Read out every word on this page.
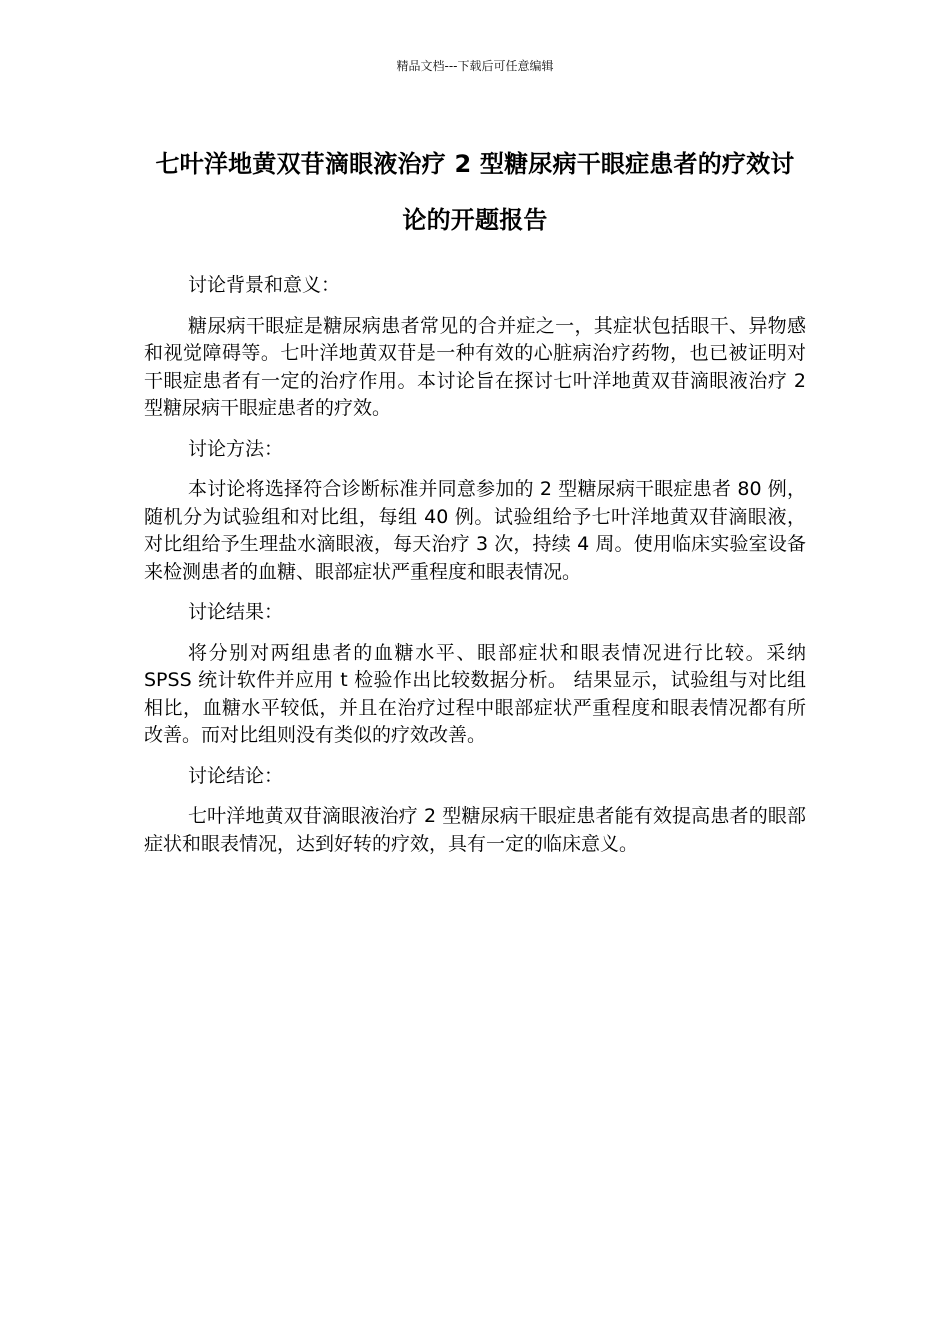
精品文档---下载后可任意编辑
七叶洋地黄双苷滴眼液治疗 2 型糖尿病干眼症患者的疗效讨论的开题报告

讨论背景和意义：

糖尿病干眼症是糖尿病患者常见的合并症之一，其症状包括眼干、异物感和视觉障碍等。七叶洋地黄双苷是一种有效的心脏病治疗药物，也已被证明对干眼症患者有一定的治疗作用。本讨论旨在探讨七叶洋地黄双苷滴眼液治疗 2 型糖尿病干眼症患者的疗效。

讨论方法：

本讨论将选择符合诊断标准并同意参加的 2 型糖尿病干眼症患者 80 例，随机分为试验组和对比组，每组 40 例。试验组给予七叶洋地黄双苷滴眼液，对比组给予生理盐水滴眼液，每天治疗 3 次，持续 4 周。使用临床实验室设备来检测患者的血糖、眼部症状严重程度和眼表情况。

讨论结果：

将分别对两组患者的血糖水平、眼部症状和眼表情况进行比较。采纳 SPSS 统计软件并应用 t 检验作出比较数据分析。 结果显示，试验组与对比组相比，血糖水平较低，并且在治疗过程中眼部症状严重程度和眼表情况都有所改善。而对比组则没有类似的疗效改善。

讨论结论：

七叶洋地黄双苷滴眼液治疗 2 型糖尿病干眼症患者能有效提高患者的眼部症状和眼表情况，达到好转的疗效，具有一定的临床意义。
